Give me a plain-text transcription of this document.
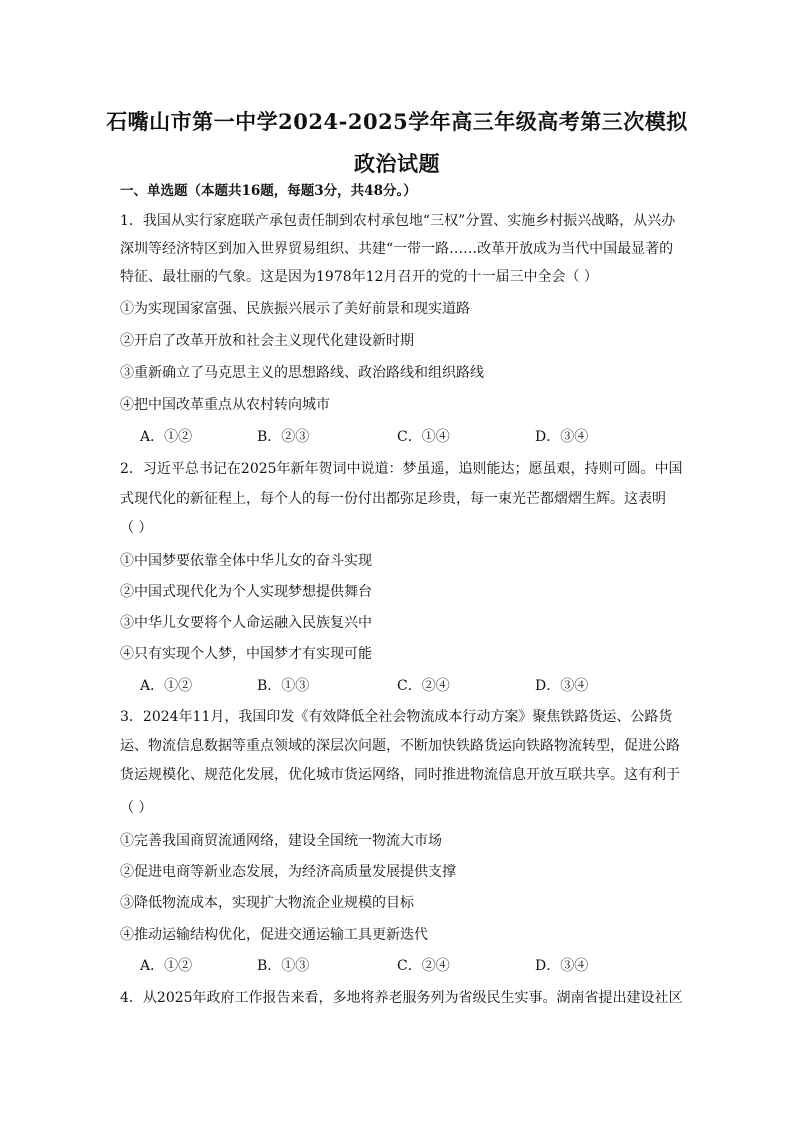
石嘴山市第一中学2024-2025学年高三年级高考第三次模拟
政治试题
一、单选题（本题共16题，每题3分，共48分。）
1．我国从实行家庭联产承包责任制到农村承包地“三权”分置、实施乡村振兴战略，从兴办
深圳等经济特区到加入世界贸易组织、共建“一带一路……改革开放成为当代中国最显著的
特征、最壮丽的气象。这是因为1978年12月召开的党的十一届三中全会（ ）
①为实现国家富强、民族振兴展示了美好前景和现实道路
②开启了改革开放和社会主义现代化建设新时期
③重新确立了马克思主义的思想路线、政治路线和组织路线
④把中国改革重点从农村转向城市
A．①②	B．②③	C．①④	D．③④
2．习近平总书记在2025年新年贺词中说道：梦虽遥，追则能达；愿虽艰，持则可圆。中国
式现代化的新征程上，每个人的每一份付出都弥足珍贵，每一束光芒都熠熠生辉。这表明
（ ）
①中国梦要依靠全体中华儿女的奋斗实现
②中国式现代化为个人实现梦想提供舞台
③中华儿女要将个人命运融入民族复兴中
④只有实现个人梦，中国梦才有实现可能
A．①②	B．①③	C．②④	D．③④
3．2024年11月，我国印发《有效降低全社会物流成本行动方案》聚焦铁路货运、公路货
运、物流信息数据等重点领域的深层次问题，不断加快铁路货运向铁路物流转型，促进公路
货运规模化、规范化发展，优化城市货运网络，同时推进物流信息开放互联共享。这有利于
（ ）
①完善我国商贸流通网络，建设全国统一物流大市场
②促进电商等新业态发展，为经济高质量发展提供支撑
③降低物流成本，实现扩大物流企业规模的目标
④推动运输结构优化，促进交通运输工具更新迭代
A．①②	B．①③	C．②④	D．③④
4．从2025年政府工作报告来看，多地将养老服务列为省级民生实事。湖南省提出建设社区
